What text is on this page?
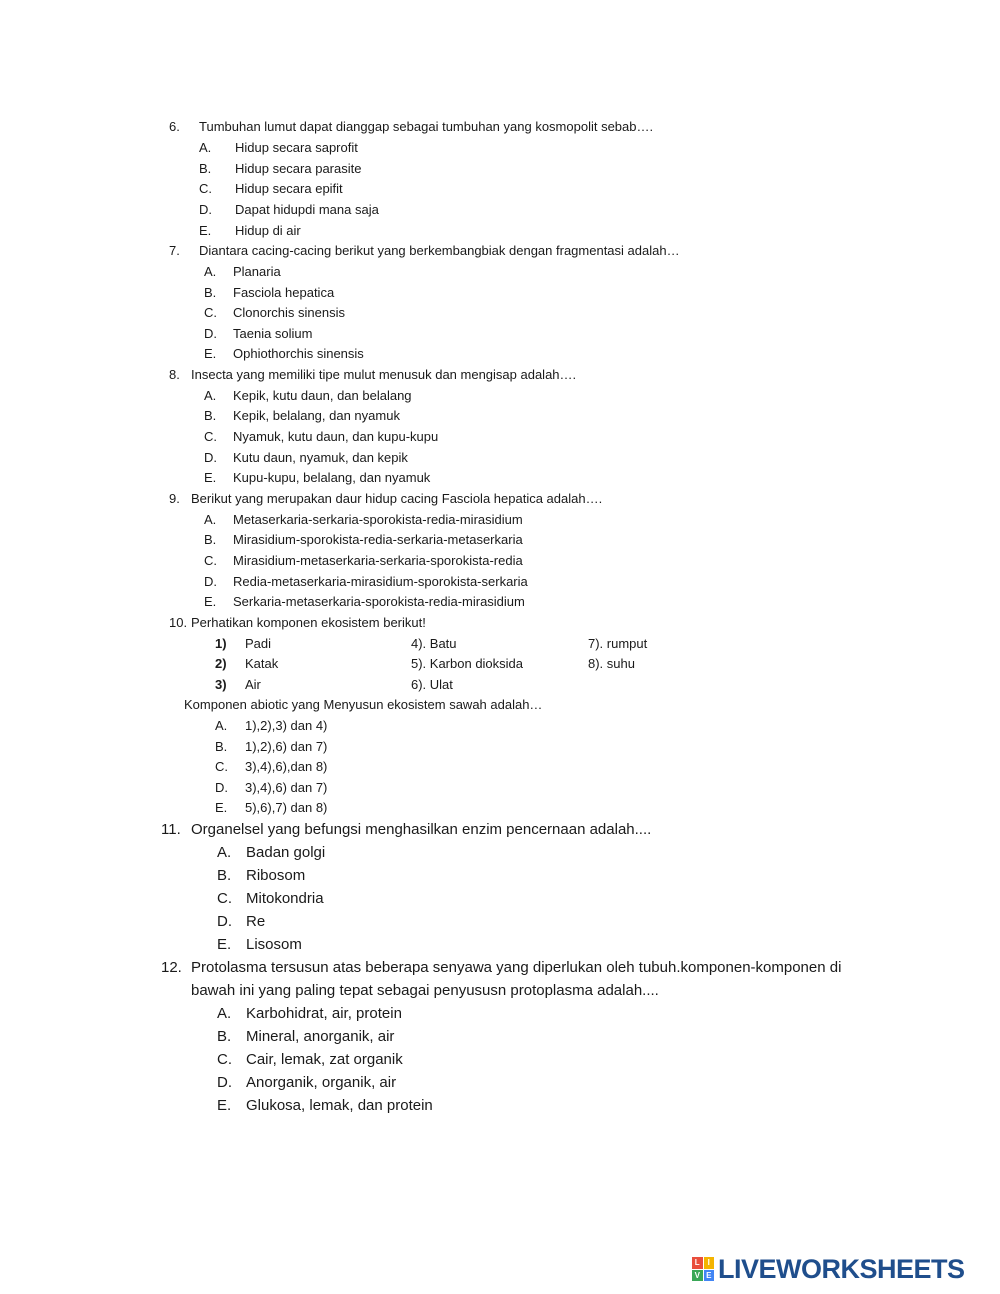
6. Tumbuhan lumut dapat dianggap sebagai tumbuhan yang kosmopolit sebab….
A. Hidup secara saprofit
B. Hidup secara parasite
C. Hidup secara epifit
D. Dapat hidupdi mana saja
E. Hidup di air
7. Diantara cacing-cacing berikut yang berkembangbiak dengan fragmentasi adalah…
A. Planaria
B. Fasciola hepatica
C. Clonorchis sinensis
D. Taenia solium
E. Ophiothorchis sinensis
8. Insecta yang memiliki tipe mulut menusuk dan mengisap adalah….
A. Kepik, kutu daun, dan belalang
B. Kepik, belalang, dan nyamuk
C. Nyamuk, kutu daun, dan kupu-kupu
D. Kutu daun, nyamuk, dan kepik
E. Kupu-kupu, belalang, dan nyamuk
9. Berikut yang merupakan daur hidup cacing Fasciola hepatica adalah….
A. Metaserkaria-serkaria-sporokista-redia-mirasidium
B. Mirasidium-sporokista-redia-serkaria-metaserkaria
C. Mirasidium-metaserkaria-serkaria-sporokista-redia
D. Redia-metaserkaria-mirasidium-sporokista-serkaria
E. Serkaria-metaserkaria-sporokista-redia-mirasidium
10. Perhatikan komponen ekosistem berikut!
1) Padi
2) Katak
3) Air
4). Batu
5). Karbon dioksida
6). Ulat
7). rumput
8). suhu
Komponen abiotic yang Menyusun ekosistem sawah adalah…
A. 1),2),3) dan 4)
B. 1),2),6) dan 7)
C. 3),4),6),dan 8)
D. 3),4),6) dan 7)
E. 5),6),7) dan 8)
11. Organelsel yang befungsi menghasilkan enzim pencernaan adalah....
A. Badan golgi
B. Ribosom
C. Mitokondria
D. Re
E. Lisosom
12. Protolasma tersusun atas beberapa senyawa yang diperlukan oleh tubuh.komponen-komponen di
bawah ini yang paling tepat sebagai penyususn protoplasma adalah....
A. Karbohidrat, air, protein
B. Mineral, anorganik, air
C. Cair, lemak, zat organik
D. Anorganik, organik, air
E. Glukosa, lemak, dan protein
L I
V E LIVEWORKSHEETS
